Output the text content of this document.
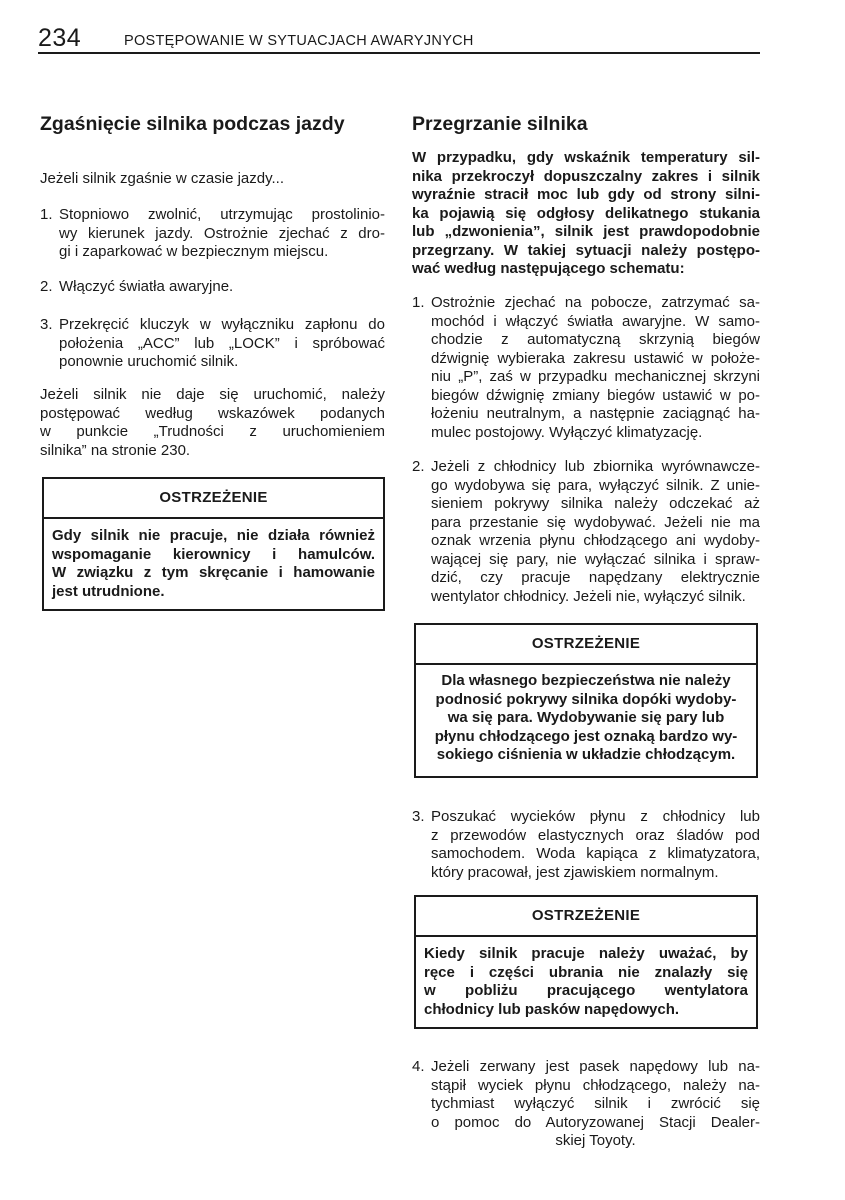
234	POSTĘPOWANIE W SYTUACJACH AWARYJNYCH
Zgaśnięcie silnika podczas jazdy
Jeżeli silnik zgaśnie w czasie jazdy...
1. Stopniowo zwolnić, utrzymując prostolinio-
wy kierunek jazdy. Ostrożnie zjechać z dro-
gi i zaparkować w bezpiecznym miejscu.
2. Włączyć światła awaryjne.
3. Przekręcić kluczyk w wyłączniku zapłonu do
położenia „ACC” lub „LOCK” i spróbować
ponownie uruchomić silnik.
Jeżeli silnik nie daje się uruchomić, należy
postępować według wskazówek podanych
w punkcie „Trudności z uruchomieniem
silnika” na stronie 230.
OSTRZEŻENIE
Gdy silnik nie pracuje, nie działa również
wspomaganie kierownicy i hamulców.
W związku z tym skręcanie i hamowanie
jest utrudnione.
Przegrzanie silnika
W przypadku, gdy wskaźnik temperatury sil-
nika przekroczył dopuszczalny zakres i silnik
wyraźnie stracił moc lub gdy od strony silni-
ka pojawią się odgłosy delikatnego stukania
lub „dzwonienia”, silnik jest prawdopodobnie
przegrzany. W takiej sytuacji należy postępo-
wać według następującego schematu:
1. Ostrożnie zjechać na pobocze, zatrzymać sa-
mochód i włączyć światła awaryjne. W samo-
chodzie z automatyczną skrzynią biegów
dźwignię wybieraka zakresu ustawić w położe-
niu „P”, zaś w przypadku mechanicznej skrzyni
biegów dźwignię zmiany biegów ustawić w po-
łożeniu neutralnym, a następnie zaciągnąć ha-
mulec postojowy. Wyłączyć klimatyzację.
2. Jeżeli z chłodnicy lub zbiornika wyrównawcze-
go wydobywa się para, wyłączyć silnik. Z unie-
sieniem pokrywy silnika należy odczekać aż
para przestanie się wydobywać. Jeżeli nie ma
oznak wrzenia płynu chłodzącego ani wydoby-
wającej się pary, nie wyłączać silnika i spraw-
dzić, czy pracuje napędzany elektrycznie
wentylator chłodnicy. Jeżeli nie, wyłączyć silnik.
OSTRZEŻENIE
Dla własnego bezpieczeństwa nie należy
podnosić pokrywy silnika dopóki wydoby-
wa się para. Wydobywanie się pary lub
płynu chłodzącego jest oznaką bardzo wy-
sokiego ciśnienia w układzie chłodzącym.
3. Poszukać wycieków płynu z chłodnicy lub
z przewodów elastycznych oraz śladów pod
samochodem. Woda kapiąca z klimatyzatora,
który pracował, jest zjawiskiem normalnym.
OSTRZEŻENIE
Kiedy silnik pracuje należy uważać, by
ręce i części ubrania nie znalazły się
w pobliżu pracującego wentylatora
chłodnicy lub pasków napędowych.
4. Jeżeli zerwany jest pasek napędowy lub na-
stąpił wyciek płynu chłodzącego, należy na-
tychmiast wyłączyć silnik i zwrócić się
o pomoc do Autoryzowanej Stacji Dealer-
skiej Toyoty.
